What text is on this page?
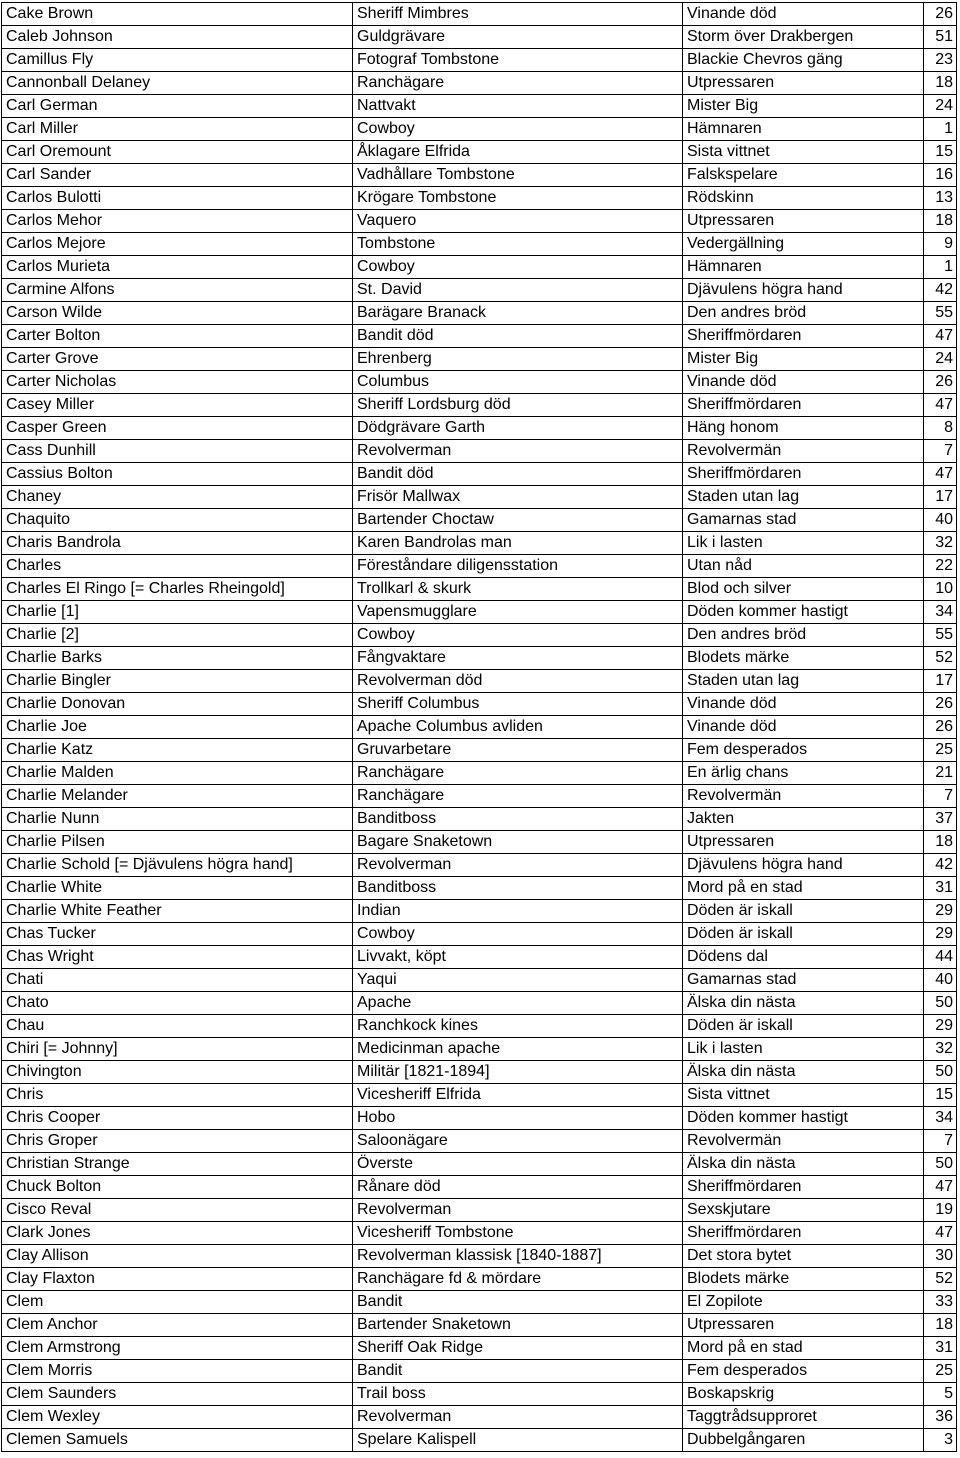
Cake Brown	Sheriff Mimbres	Vinande död	26
Caleb Johnson	Guldgrävare	Storm över Drakbergen	51
Camillus Fly	Fotograf Tombstone	Blackie Chevros gäng	23
Cannonball Delaney	Ranchägare	Utpressaren	18
Carl German	Nattvakt	Mister Big	24
Carl Miller	Cowboy	Hämnaren	1
Carl Oremount	Åklagare Elfrida	Sista vittnet	15
Carl Sander	Vadhållare Tombstone	Falskspelare	16
Carlos Bulotti	Krögare Tombstone	Rödskinn	13
Carlos Mehor	Vaquero	Utpressaren	18
Carlos Mejore	Tombstone	Vedergällning	9
Carlos Murieta	Cowboy	Hämnaren	1
Carmine Alfons	St. David	Djävulens högra hand	42
Carson Wilde	Barägare Branack	Den andres bröd	55
Carter Bolton	Bandit död	Sheriffmördaren	47
Carter Grove	Ehrenberg	Mister Big	24
Carter Nicholas	Columbus	Vinande död	26
Casey Miller	Sheriff Lordsburg död	Sheriffmördaren	47
Casper Green	Dödgrävare Garth	Häng honom	8
Cass Dunhill	Revolverman	Revolvermän	7
Cassius Bolton	Bandit död	Sheriffmördaren	47
Chaney	Frisör Mallwax	Staden utan lag	17
Chaquito	Bartender Choctaw	Gamarnas stad	40
Charis Bandrola	Karen Bandrolas man	Lik i lasten	32
Charles	Föreståndare diligensstation	Utan nåd	22
Charles El Ringo [= Charles Rheingold]	Trollkarl & skurk	Blod och silver	10
Charlie [1]	Vapensmugglare	Döden kommer hastigt	34
Charlie [2]	Cowboy	Den andres bröd	55
Charlie Barks	Fångvaktare	Blodets märke	52
Charlie Bingler	Revolverman död	Staden utan lag	17
Charlie Donovan	Sheriff Columbus	Vinande död	26
Charlie Joe	Apache Columbus avliden	Vinande död	26
Charlie Katz	Gruvarbetare	Fem desperados	25
Charlie Malden	Ranchägare	En ärlig chans	21
Charlie Melander	Ranchägare	Revolvermän	7
Charlie Nunn	Banditboss	Jakten	37
Charlie Pilsen	Bagare Snaketown	Utpressaren	18
Charlie Schold [= Djävulens högra hand]	Revolverman	Djävulens högra hand	42
Charlie White	Banditboss	Mord på en stad	31
Charlie White Feather	Indian	Döden är iskall	29
Chas Tucker	Cowboy	Döden är iskall	29
Chas Wright	Livvakt, köpt	Dödens dal	44
Chati	Yaqui	Gamarnas stad	40
Chato	Apache	Älska din nästa	50
Chau	Ranchkock kines	Döden är iskall	29
Chiri [= Johnny]	Medicinman apache	Lik i lasten	32
Chivington	Militär [1821-1894]	Älska din nästa	50
Chris	Vicesheriff Elfrida	Sista vittnet	15
Chris Cooper	Hobo	Döden kommer hastigt	34
Chris Groper	Saloonägare	Revolvermän	7
Christian Strange	Överste	Älska din nästa	50
Chuck Bolton	Rånare död	Sheriffmördaren	47
Cisco Reval	Revolverman	Sexskjutare	19
Clark Jones	Vicesheriff Tombstone	Sheriffmördaren	47
Clay Allison	Revolverman klassisk [1840-1887]	Det stora bytet	30
Clay Flaxton	Ranchägare fd & mördare	Blodets märke	52
Clem	Bandit	El Zopilote	33
Clem Anchor	Bartender Snaketown	Utpressaren	18
Clem Armstrong	Sheriff Oak Ridge	Mord på en stad	31
Clem Morris	Bandit	Fem desperados	25
Clem Saunders	Trail boss	Boskapskrig	5
Clem Wexley	Revolverman	Taggtrådsupproret	36
Clemen Samuels	Spelare Kalispell	Dubbelgångaren	3
